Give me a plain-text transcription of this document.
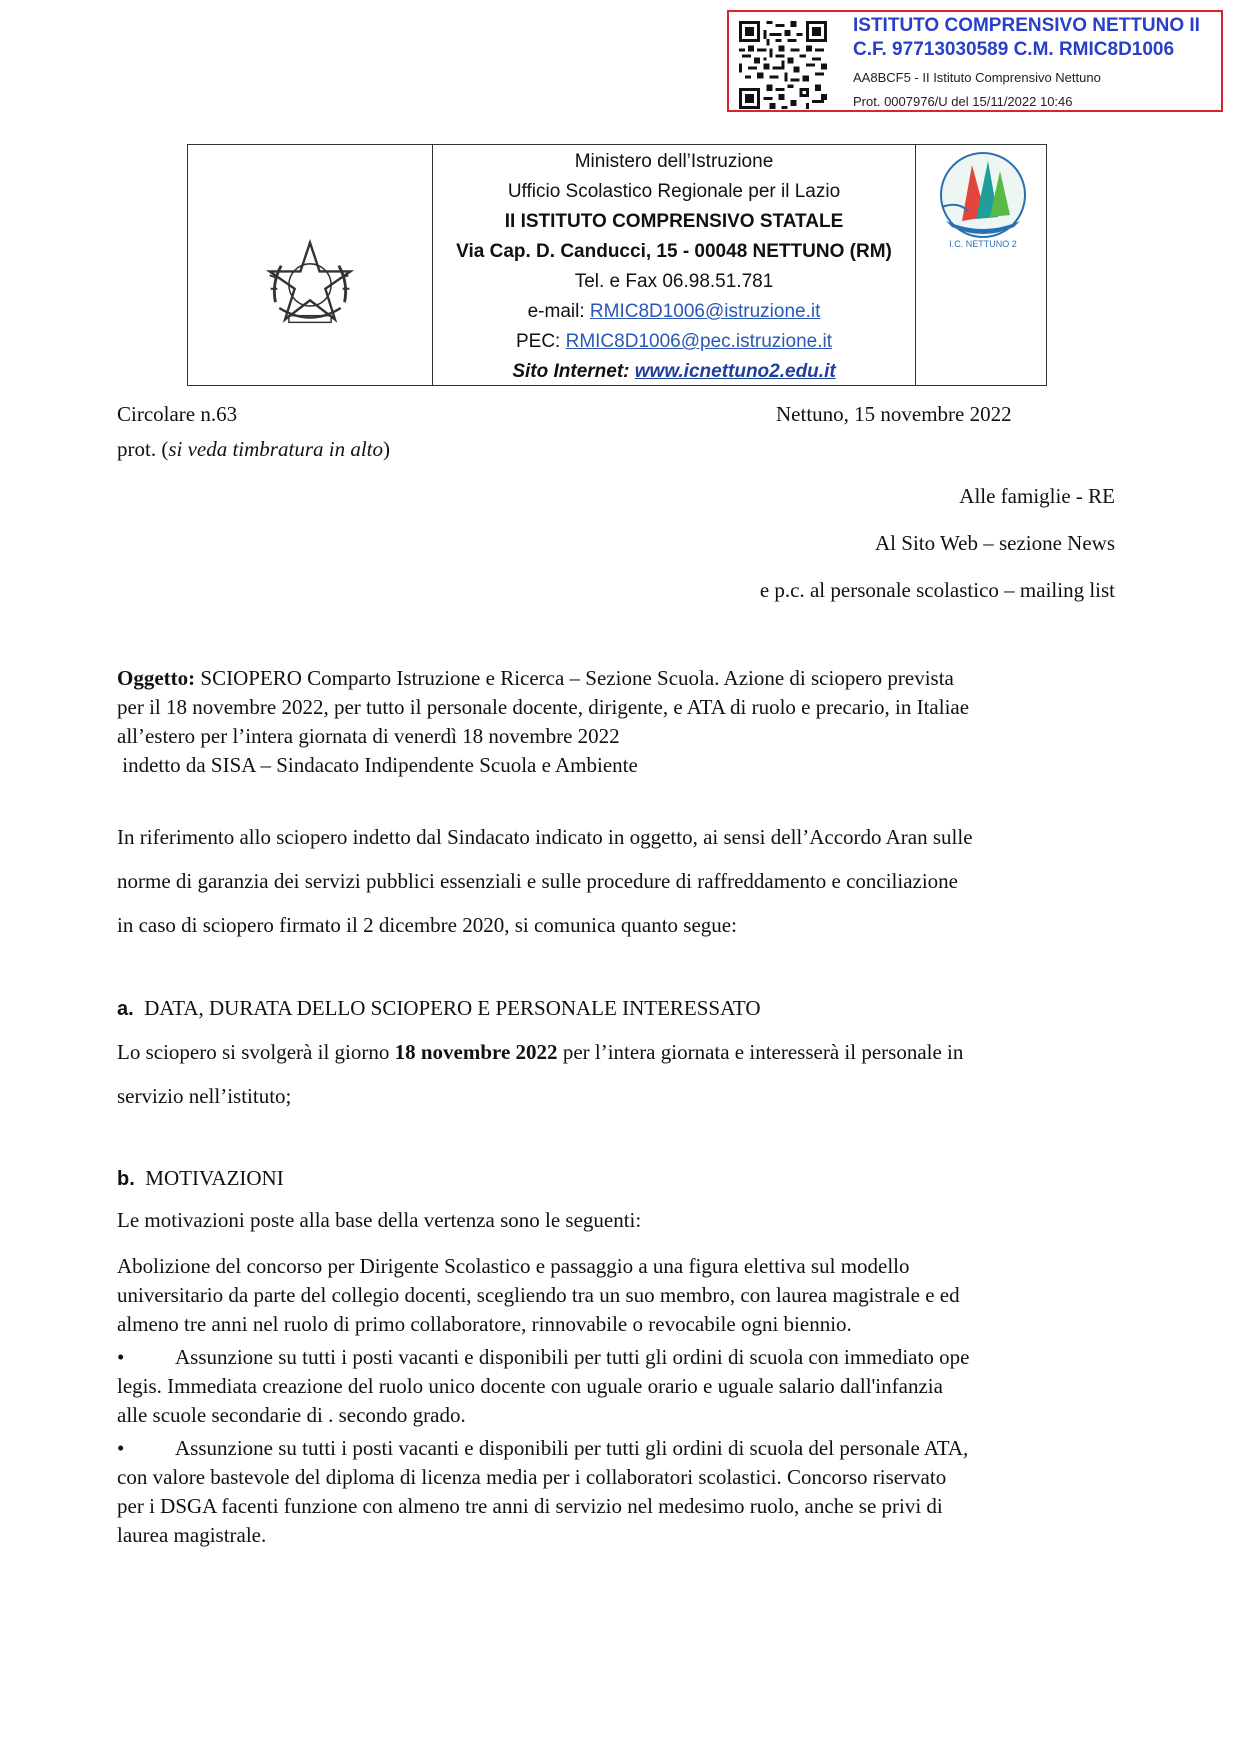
ISTITUTO COMPRENSIVO NETTUNO II
C.F. 97713030589 C.M. RMIC8D1006
AA8BCF5 - II Istituto Comprensivo Nettuno
Prot. 0007976/U del 15/11/2022 10:46
Ministero dell’Istruzione
Ufficio Scolastico Regionale per il Lazio
II ISTITUTO COMPRENSIVO STATALE
Via Cap. D. Canducci, 15 - 00048 NETTUNO (RM)
Tel. e Fax 06.98.51.781
e-mail: RMIC8D1006@istruzione.it
PEC: RMIC8D1006@pec.istruzione.it
Sito Internet: www.icnettuno2.edu.it
I.C. NETTUNO 2
Circolare n.63	Nettuno, 15 novembre 2022
prot. (si veda timbratura in alto)
Alle famiglie - RE
Al Sito Web – sezione News
e p.c. al personale scolastico – mailing list
Oggetto: SCIOPERO Comparto Istruzione e Ricerca – Sezione Scuola. Azione di sciopero prevista
per il 18 novembre 2022, per tutto il personale docente, dirigente, e ATA di ruolo e precario, in Italiae
all’estero per l’intera giornata di venerdì 18 novembre 2022
indetto da SISA – Sindacato Indipendente Scuola e Ambiente
In riferimento allo sciopero indetto dal Sindacato indicato in oggetto, ai sensi dell’Accordo Aran sulle
norme di garanzia dei servizi pubblici essenziali e sulle procedure di raffreddamento e conciliazione
in caso di sciopero firmato il 2 dicembre 2020, si comunica quanto segue:
a. DATA, DURATA DELLO SCIOPERO E PERSONALE INTERESSATO
Lo sciopero si svolgerà il giorno 18 novembre 2022 per l’intera giornata e interesserà il personale in
servizio nell’istituto;
b. MOTIVAZIONI
Le motivazioni poste alla base della vertenza sono le seguenti:
Abolizione del concorso per Dirigente Scolastico e passaggio a una figura elettiva sul modello
universitario da parte del collegio docenti, scegliendo tra un suo membro, con laurea magistrale e ed
almeno tre anni nel ruolo di primo collaboratore, rinnovabile o revocabile ogni biennio.
• Assunzione su tutti i posti vacanti e disponibili per tutti gli ordini di scuola con immediato ope
legis. Immediata creazione del ruolo unico docente con uguale orario e uguale salario dall'infanzia
alle scuole secondarie di . secondo grado.
• Assunzione su tutti i posti vacanti e disponibili per tutti gli ordini di scuola del personale ATA,
con valore bastevole del diploma di licenza media per i collaboratori scolastici. Concorso riservato
per i DSGA facenti funzione con almeno tre anni di servizio nel medesimo ruolo, anche se privi di
laurea magistrale.
